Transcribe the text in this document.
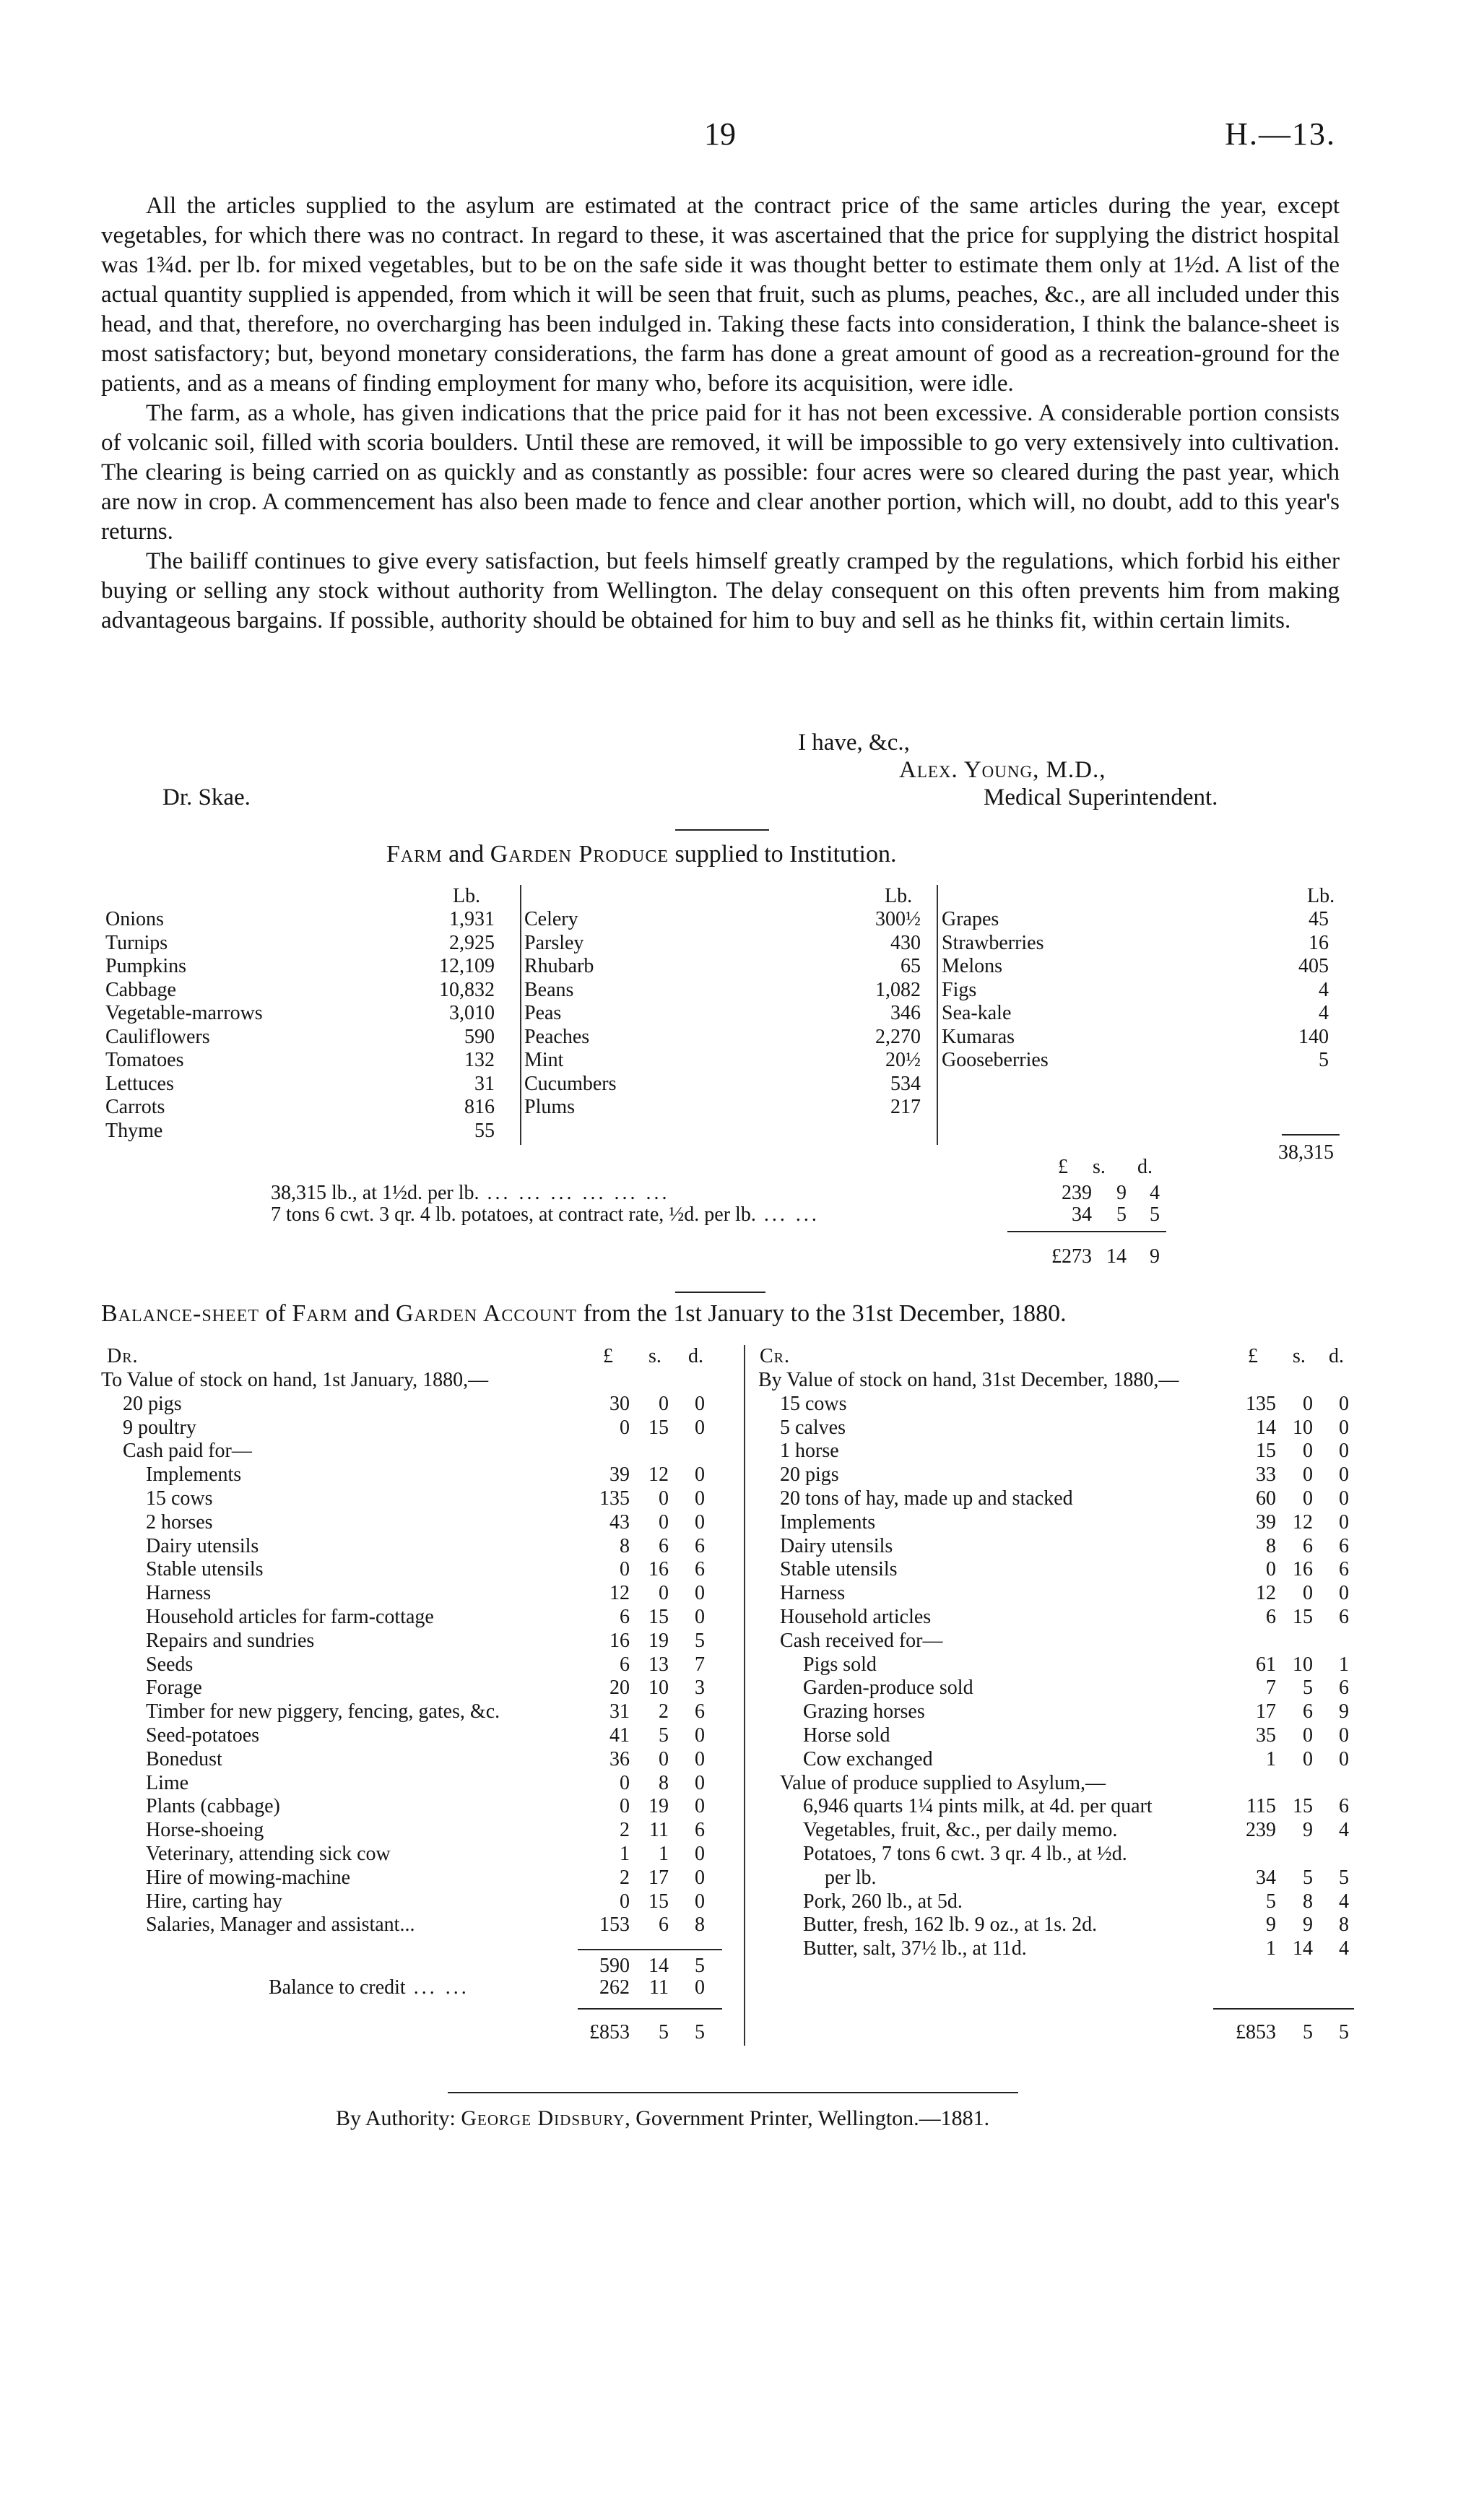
19	H.—13.

All the articles supplied to the asylum are estimated at the contract price of the same articles during the year, except vegetables, for which there was no contract. In regard to these, it was ascertained that the price for supplying the district hospital was 1¾d. per lb. for mixed vegetables, but to be on the safe side it was thought better to estimate them only at 1½d. A list of the actual quantity supplied is appended, from which it will be seen that fruit, such as plums, peaches, &c., are all included under this head, and that, therefore, no overcharging has been indulged in. Taking these facts into consideration, I think the balance-sheet is most satisfactory; but, beyond monetary considerations, the farm has done a great amount of good as a recreation-ground for the patients, and as a means of finding employment for many who, before its acquisition, were idle.

The farm, as a whole, has given indications that the price paid for it has not been excessive. A considerable portion consists of volcanic soil, filled with scoria boulders. Until these are removed, it will be impossible to go very extensively into cultivation. The clearing is being carried on as quickly and as constantly as possible: four acres were so cleared during the past year, which are now in crop. A commencement has also been made to fence and clear another portion, which will, no doubt, add to this year's returns.

The bailiff continues to give every satisfaction, but feels himself greatly cramped by the regulations, which forbid his either buying or selling any stock without authority from Wellington. The delay consequent on this often prevents him from making advantageous bargains. If possible, authority should be obtained for him to buy and sell as he thinks fit, within certain limits.

I have, &c.,
Alex. Young, M.D.,
Dr. Skae.	Medical Superintendent.
Farm and Garden Produce supplied to Institution.
Lb.	Lb.	Lb.
38,315
£ s. d.
38,315 lb., at 1½d. per lb. ... ... ... ... ... ...	239	9	4
7 tons 6 cwt. 3 qr. 4 lb. potatoes, at contract rate, ½d. per lb. ... ...	34	5	5
£273 14	9
Balance-sheet of Farm and Garden Account from the 1st January to the 31st December, 1880.
Dr.	£ s. d.	Cr.	£ s. d.
590 14	5
Balance to credit ... ...	262 11	0
£853	5	5	£853	5	5
By Authority: George Didsbury, Government Printer, Wellington.—1881.
Onions	1,931
Turnips	2,925
Pumpkins	12,109
Cabbage	10,832
Vegetable-marrows	3,010
Cauliflowers	590
Tomatoes	132
Lettuces	31
Carrots	816
Thyme	55
Celery	300½
Parsley	430
Rhubarb	65
Beans	1,082
Peas	346
Peaches	2,270
Mint	20½
Cucumbers	534
Plums	217
Grapes	45
Strawberries	16
Melons	405
Figs	4
Sea-kale	4
Kumaras	140
Gooseberries	5
To Value of stock on hand, 1st January, 1880,—
20 pigs	30	0	0
9 poultry	0 15	0
Cash paid for—
Implements	39 12	0
15 cows	135	0	0
2 horses	43	0	0
Dairy utensils	8	6	6
Stable utensils	0 16	6
Harness	12	0	0
Household articles for farm-cottage	6 15	0
Repairs and sundries	16 19	5
Seeds	6 13	7
Forage	20 10	3
Timber for new piggery, fencing, gates, &c.	31	2	6
Seed-potatoes	41	5	0
Bonedust	36	0	0
Lime	0	8	0
Plants (cabbage)	0 19	0
Horse-shoeing	2 11	6
Veterinary, attending sick cow	1	1	0
Hire of mowing-machine	2 17	0
Hire, carting hay	0 15	0
Salaries, Manager and assistant...	153	6	8
By Value of stock on hand, 31st December, 1880,—
15 cows	135	0	0
5 calves	14 10	0
1 horse	15	0	0
20 pigs	33	0	0
20 tons of hay, made up and stacked	60	0	0
Implements	39 12	0
Dairy utensils	8	6	6
Stable utensils	0 16	6
Harness	12	0	0
Household articles	6 15	6
Cash received for—
Pigs sold	61 10	1
Garden-produce sold	7	5	6
Grazing horses	17	6	9
Horse sold	35	0	0
Cow exchanged	1	0	0
Value of produce supplied to Asylum,—
6,946 quarts 1¼ pints milk, at 4d. per quart	115 15	6
Vegetables, fruit, &c., per daily memo.	239	9	4
Potatoes, 7 tons 6 cwt. 3 qr. 4 lb., at ½d.
per lb.	34	5	5
Pork, 260 lb., at 5d.	5	8	4
Butter, fresh, 162 lb. 9 oz., at 1s. 2d.	9	9	8
Butter, salt, 37½ lb., at 11d.	1 14	4
